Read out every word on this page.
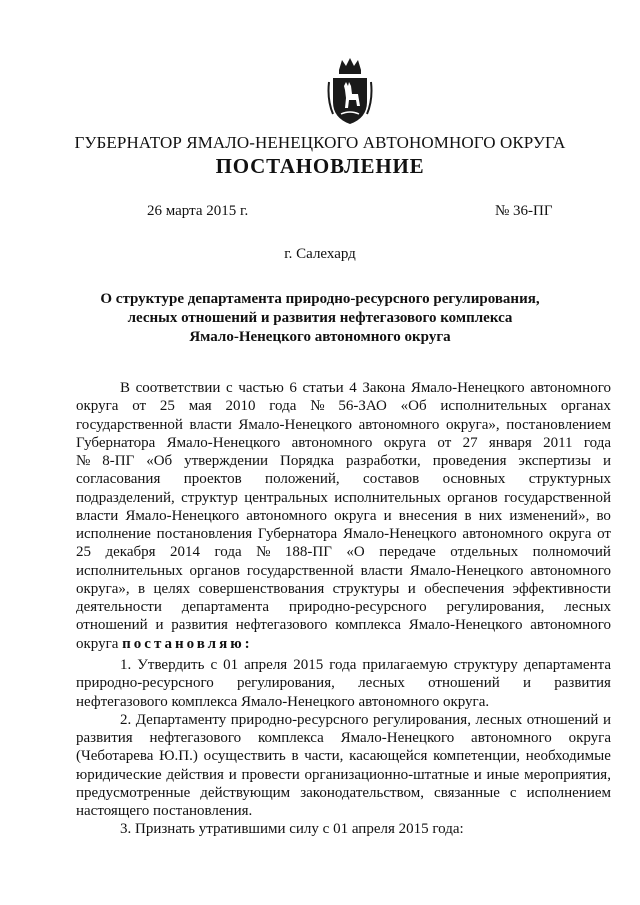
ГУБЕРНАТОР ЯМАЛО-НЕНЕЦКОГО АВТОНОМНОГО ОКРУГА
ПОСТАНОВЛЕНИЕ
26 марта 2015 г.	№ 36-ПГ
г. Салехард
О структуре департамента природно-ресурсного регулирования,
лесных отношений и развития нефтегазового комплекса
Ямало-Ненецкого автономного округа
В соответствии с частью 6 статьи 4 Закона Ямало-Ненецкого автономного
округа от 25 мая 2010 года № 56-ЗАО «Об исполнительных органах
государственной власти Ямало-Ненецкого автономного округа», постановлением
Губернатора Ямало-Ненецкого автономного округа от 27 января 2011 года
№ 8-ПГ «Об утверждении Порядка разработки, проведения экспертизы и
согласования проектов положений, составов основных структурных
подразделений, структур центральных исполнительных органов государственной
власти Ямало-Ненецкого автономного округа и внесения в них изменений», во
исполнение постановления Губернатора Ямало-Ненецкого автономного округа от
25 декабря 2014 года № 188-ПГ «О передаче отдельных полномочий
исполнительных органов государственной власти Ямало-Ненецкого автономного
округа», в целях совершенствования структуры и обеспечения эффективности
деятельности департамента природно-ресурсного регулирования, лесных
отношений и развития нефтегазового комплекса Ямало-Ненецкого автономного
округа
постановляю:
1. Утвердить с 01 апреля 2015 года прилагаемую структуру департамента
природно-ресурсного регулирования, лесных отношений и развития
нефтегазового комплекса Ямало-Ненецкого автономного округа.
2. Департаменту природно-ресурсного регулирования, лесных отношений и
развития нефтегазового комплекса Ямало-Ненецкого автономного округа
(Чеботарева Ю.П.) осуществить в части, касающейся компетенции, необходимые
юридические действия и провести организационно-штатные и иные мероприятия,
предусмотренные действующим законодательством, связанные с исполнением
настоящего постановления.
3. Признать утратившими силу с 01 апреля 2015 года:
